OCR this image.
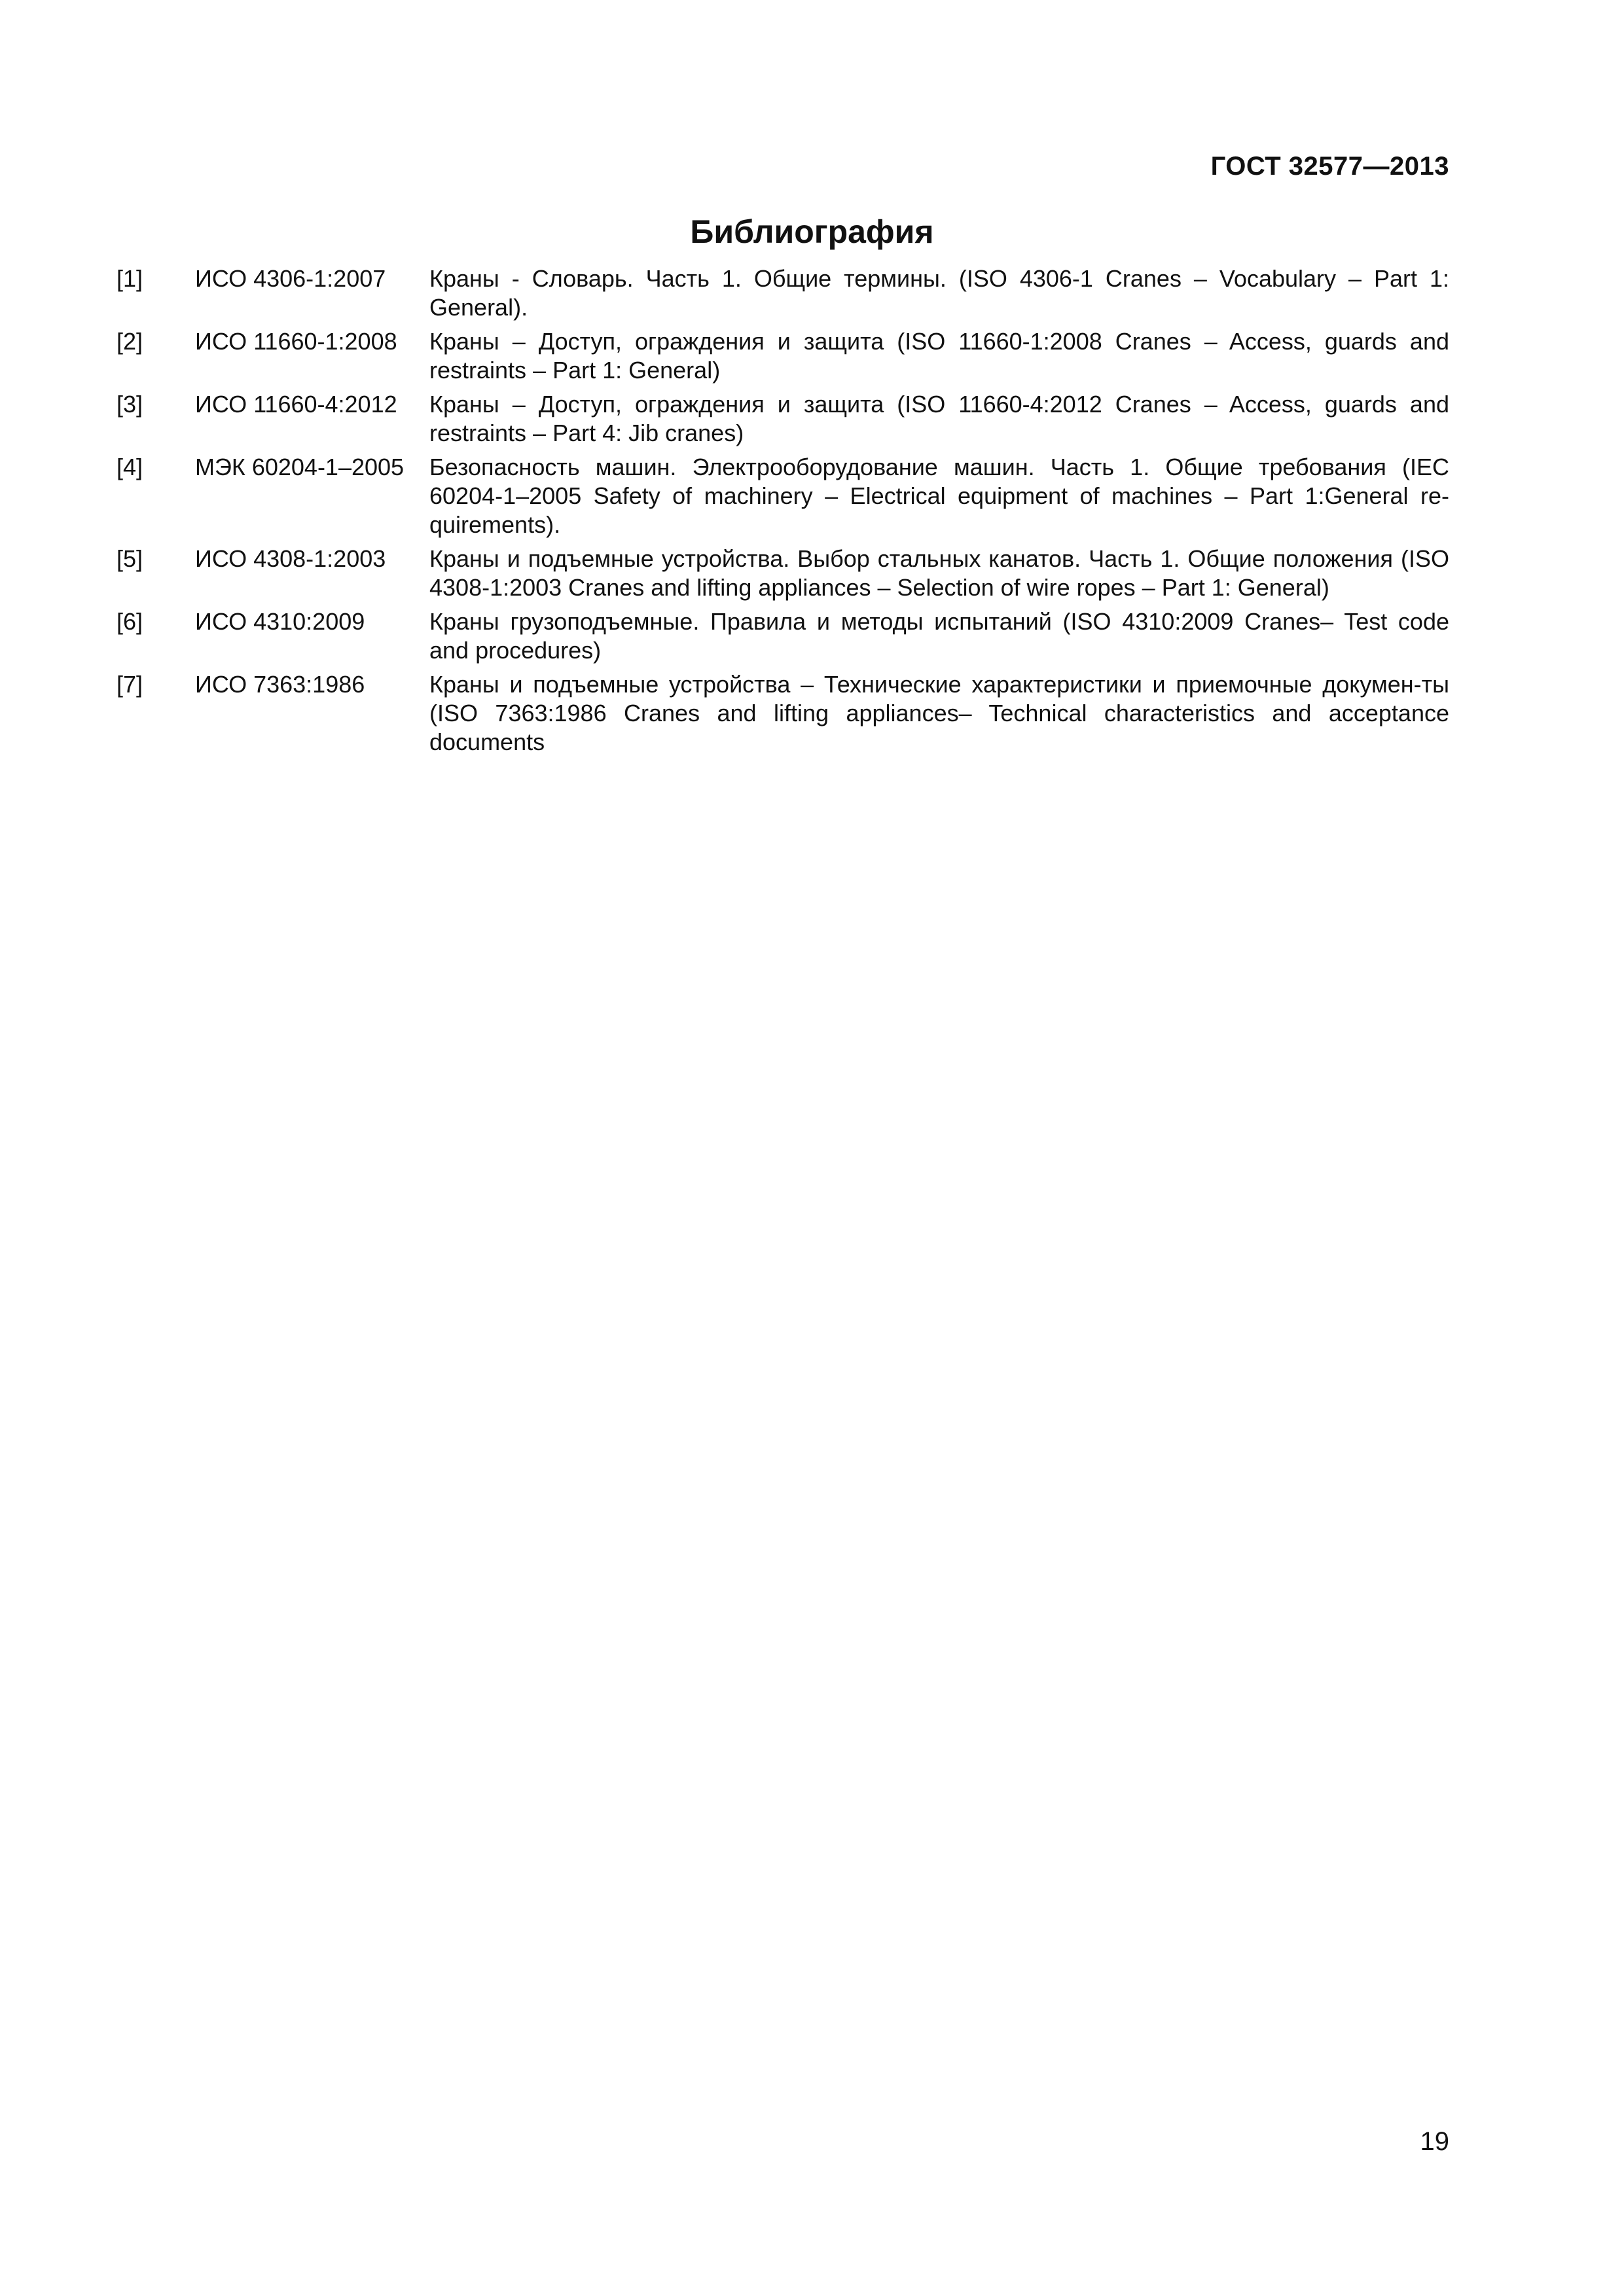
ГОСТ 32577—2013
Библиография
[1] ИСО 4306-1:2007 Краны - Словарь. Часть 1. Общие термины. (ISO 4306-1 Cranes – Vocabulary – Part 1: General).
[2] ИСО 11660-1:2008 Краны – Доступ, ограждения и защита (ISO 11660-1:2008 Cranes – Access, guards and restraints – Part 1: General)
[3] ИСО 11660-4:2012 Краны – Доступ, ограждения и защита (ISO 11660-4:2012 Cranes – Access, guards and restraints – Part 4: Jib cranes)
[4] МЭК 60204-1–2005 Безопасность машин. Электрооборудование машин. Часть 1. Общие требования (IEC 60204-1–2005 Safety of machinery – Electrical equipment of machines – Part 1:General re-quirements).
[5] ИСО 4308-1:2003 Краны и подъемные устройства. Выбор стальных канатов. Часть 1. Общие положения (ISO 4308-1:2003 Cranes and lifting appliances – Selection of wire ropes – Part 1: General)
[6] ИСО 4310:2009	Краны грузоподъемные. Правила и методы испытаний (ISO 4310:2009 Cranes– Test code and procedures)
[7] ИСО 7363:1986	Краны и подъемные устройства – Технические характеристики и приемочные докумен-ты (ISO 7363:1986 Cranes and lifting appliances– Technical characteristics and acceptance documents
19
